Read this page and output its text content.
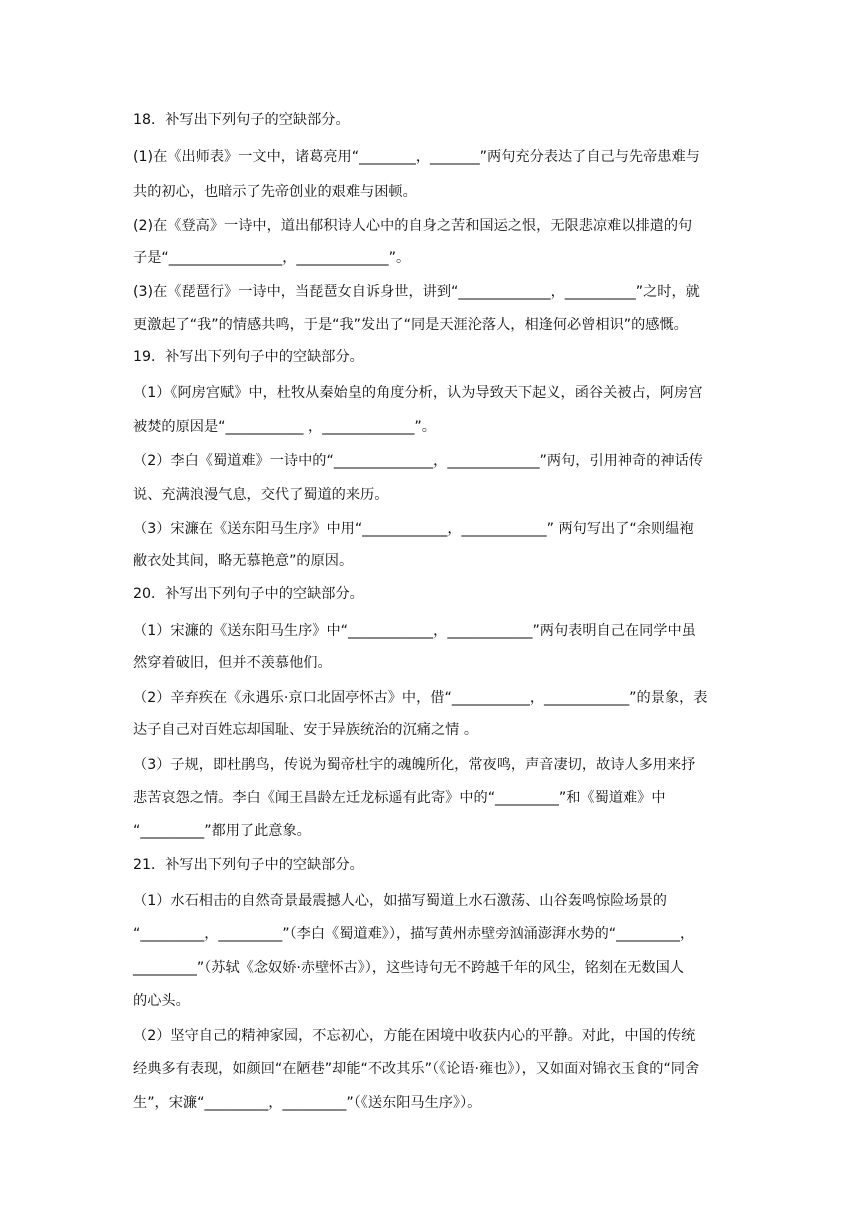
18．补写出下列句子的空缺部分。
(1)在《出师表》一文中，诸葛亮用“________，_______”两句充分表达了自己与先帝患难与
共的初心，也暗示了先帝创业的艰难与困顿。
(2)在《登高》一诗中，道出郁积诗人心中的自身之苦和国运之恨，无限悲凉难以排遣的句
子是“________________，_____________”。
(3)在《琵琶行》一诗中，当琵琶女自诉身世，讲到“_____________，__________”之时，就
更激起了“我”的情感共鸣，于是“我”发出了“同是天涯沦落人，相逢何必曾相识”的感慨。
19．补写出下列句子中的空缺部分。
（1）《阿房宫赋》中，杜牧从秦始皇的角度分析，认为导致天下起义，函谷关被占，阿房宫
被焚的原因是“___________ ，_____________”。
（2）李白《蜀道难》一诗中的“______________，_____________”两句，引用神奇的神话传
说、充满浪漫气息，交代了蜀道的来历。
（3）宋濂在《送东阳马生序》中用“____________，____________” 两句写出了“余则缊袍
敝衣处其间，略无慕艳意”的原因。
20．补写出下列句子中的空缺部分。
（1）宋濂的《送东阳马生序》中“____________，____________”两句表明自己在同学中虽
然穿着破旧，但并不羡慕他们。
（2）辛弃疾在《永遇乐·京口北固亭怀古》中，借“___________，____________”的景象，表
达子自己对百姓忘却国耻、安于异族统治的沉痛之情 。
（3）子规，即杜鹃鸟，传说为蜀帝杜宇的魂魄所化，常夜鸣，声音凄切，故诗人多用来抒
悲苦哀怨之情。李白《闻王昌龄左迁龙标遥有此寄》中的“_________”和《蜀道难》中
“_________”都用了此意象。
21．补写出下列句子中的空缺部分。
（1）水石相击的自然奇景最震撼人心，如描写蜀道上水石激荡、山谷轰鸣惊险场景的
“_________，_________”（李白《蜀道难》），描写黄州赤壁旁汹涌澎湃水势的“_________，
_________”（苏轼《念奴娇·赤壁怀古》），这些诗句无不跨越千年的风尘，铭刻在无数国人
的心头。
（2）坚守自己的精神家园，不忘初心，方能在困境中收获内心的平静。对此，中国的传统
经典多有表现，如颜回“在陋巷”却能“不改其乐”（《论语·雍也》），又如面对锦衣玉食的“同舍
生”，宋濂“_________，_________”（《送东阳马生序》）。
